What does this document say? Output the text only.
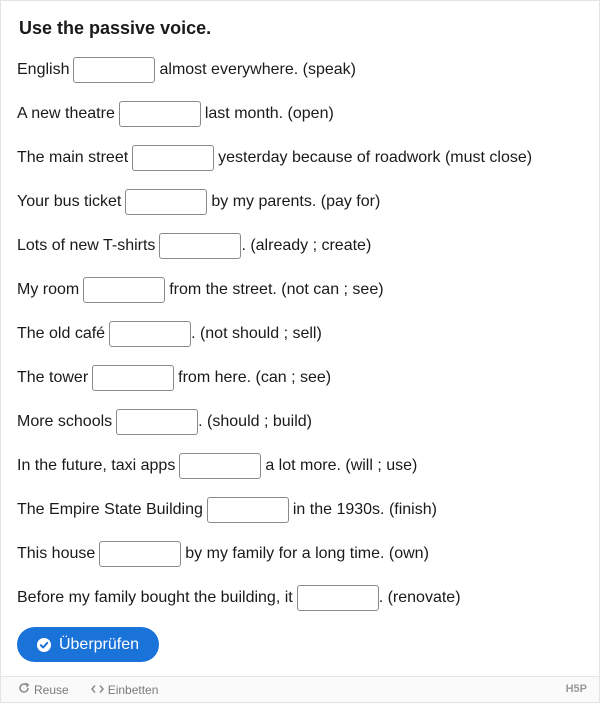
Use the passive voice.
English	almost everywhere. (speak)
A new theatre	last month. (open)
The main street	yesterday because of roadwork (must close)
Your bus ticket	by my parents. (pay for)
Lots of new T-shirts	. (already ; create)
My room	from the street. (not can ; see)
The old café	. (not should ; sell)
The tower	from here. (can ; see)
More schools	. (should ; build)
In the future, taxi apps	a lot more. (will ; use)
The Empire State Building	in the 1930s. (finish)
This house	by my family for a long time. (own)
Before my family bought the building, it	. (renovate)
Überprüfen
Reuse	Einbetten	H5P
